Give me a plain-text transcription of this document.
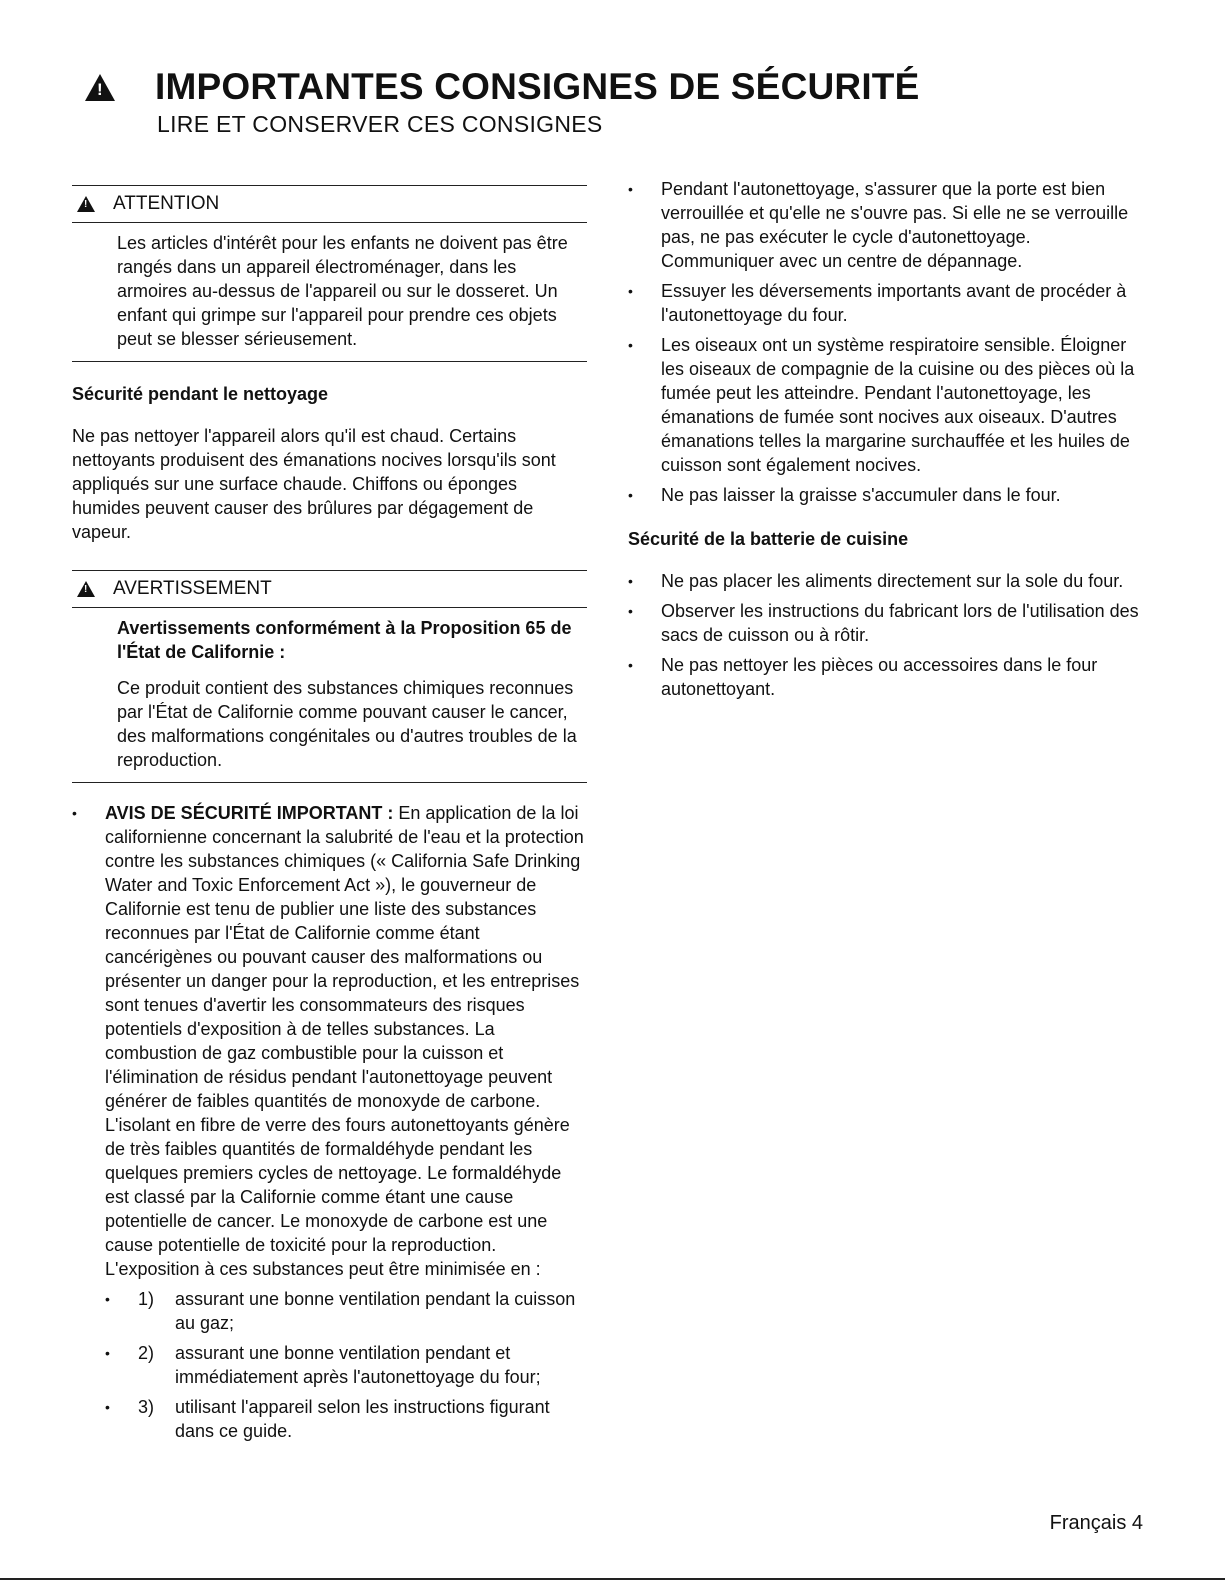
!
IMPORTANTES CONSIGNES DE SÉCURITÉ
LIRE ET CONSERVER CES CONSIGNES
!
ATTENTION

Les articles d'intérêt pour les enfants ne doivent pas être rangés dans un appareil électroménager, dans les armoires au-dessus de l'appareil ou sur le dosseret. Un enfant qui grimpe sur l'appareil pour prendre ces objets peut se blesser sérieusement.

Sécurité pendant le nettoyage

Ne pas nettoyer l'appareil alors qu'il est chaud. Certains nettoyants produisent des émanations nocives lorsqu'ils sont appliqués sur une surface chaude. Chiffons ou éponges humides peuvent causer des brûlures par dégagement de vapeur.

!
AVERTISSEMENT

Avertissements conformément à la Proposition 65 de l'État de Californie :

Ce produit contient des substances chimiques reconnues par l'État de Californie comme pouvant causer le cancer, des malformations congénitales ou d'autres troubles de la reproduction.

• AVIS DE SÉCURITÉ IMPORTANT : En application de la loi californienne concernant la salubrité de l'eau et la protection contre les substances chimiques (« California Safe Drinking Water and Toxic Enforcement Act »), le gouverneur de Californie est tenu de publier une liste des substances reconnues par l'État de Californie comme étant cancérigènes ou pouvant causer des malformations ou présenter un danger pour la reproduction, et les entreprises sont tenues d'avertir les consommateurs des risques potentiels d'exposition à de telles substances. La combustion de gaz combustible pour la cuisson et l'élimination de résidus pendant l'autonettoyage peuvent générer de faibles quantités de monoxyde de carbone. L'isolant en fibre de verre des fours autonettoyants génère de très faibles quantités de formaldéhyde pendant les quelques premiers cycles de nettoyage. Le formaldéhyde est classé par la Californie comme étant une cause potentielle de cancer. Le monoxyde de carbone est une cause potentielle de toxicité pour la reproduction. L'exposition à ces substances peut être minimisée en :
• 1)	assurant une bonne ventilation pendant la cuisson au gaz;
• 2)	assurant une bonne ventilation pendant et immédiatement après l'autonettoyage du four;
• 3)	utilisant l'appareil selon les instructions figurant dans ce guide.
• Pendant l'autonettoyage, s'assurer que la porte est bien verrouillée et qu'elle ne s'ouvre pas. Si elle ne se verrouille pas, ne pas exécuter le cycle d'autonettoyage. Communiquer avec un centre de dépannage.
• Essuyer les déversements importants avant de procéder à l'autonettoyage du four.
• Les oiseaux ont un système respiratoire sensible. Éloigner les oiseaux de compagnie de la cuisine ou des pièces où la fumée peut les atteindre. Pendant l'autonettoyage, les émanations de fumée sont nocives aux oiseaux. D'autres émanations telles la margarine surchauffée et les huiles de cuisson sont également nocives.
• Ne pas laisser la graisse s'accumuler dans le four.
Sécurité de la batterie de cuisine
• Ne pas placer les aliments directement sur la sole du four.
• Observer les instructions du fabricant lors de l'utilisation des sacs de cuisson ou à rôtir.
• Ne pas nettoyer les pièces ou accessoires dans le four autonettoyant.
Français 4
